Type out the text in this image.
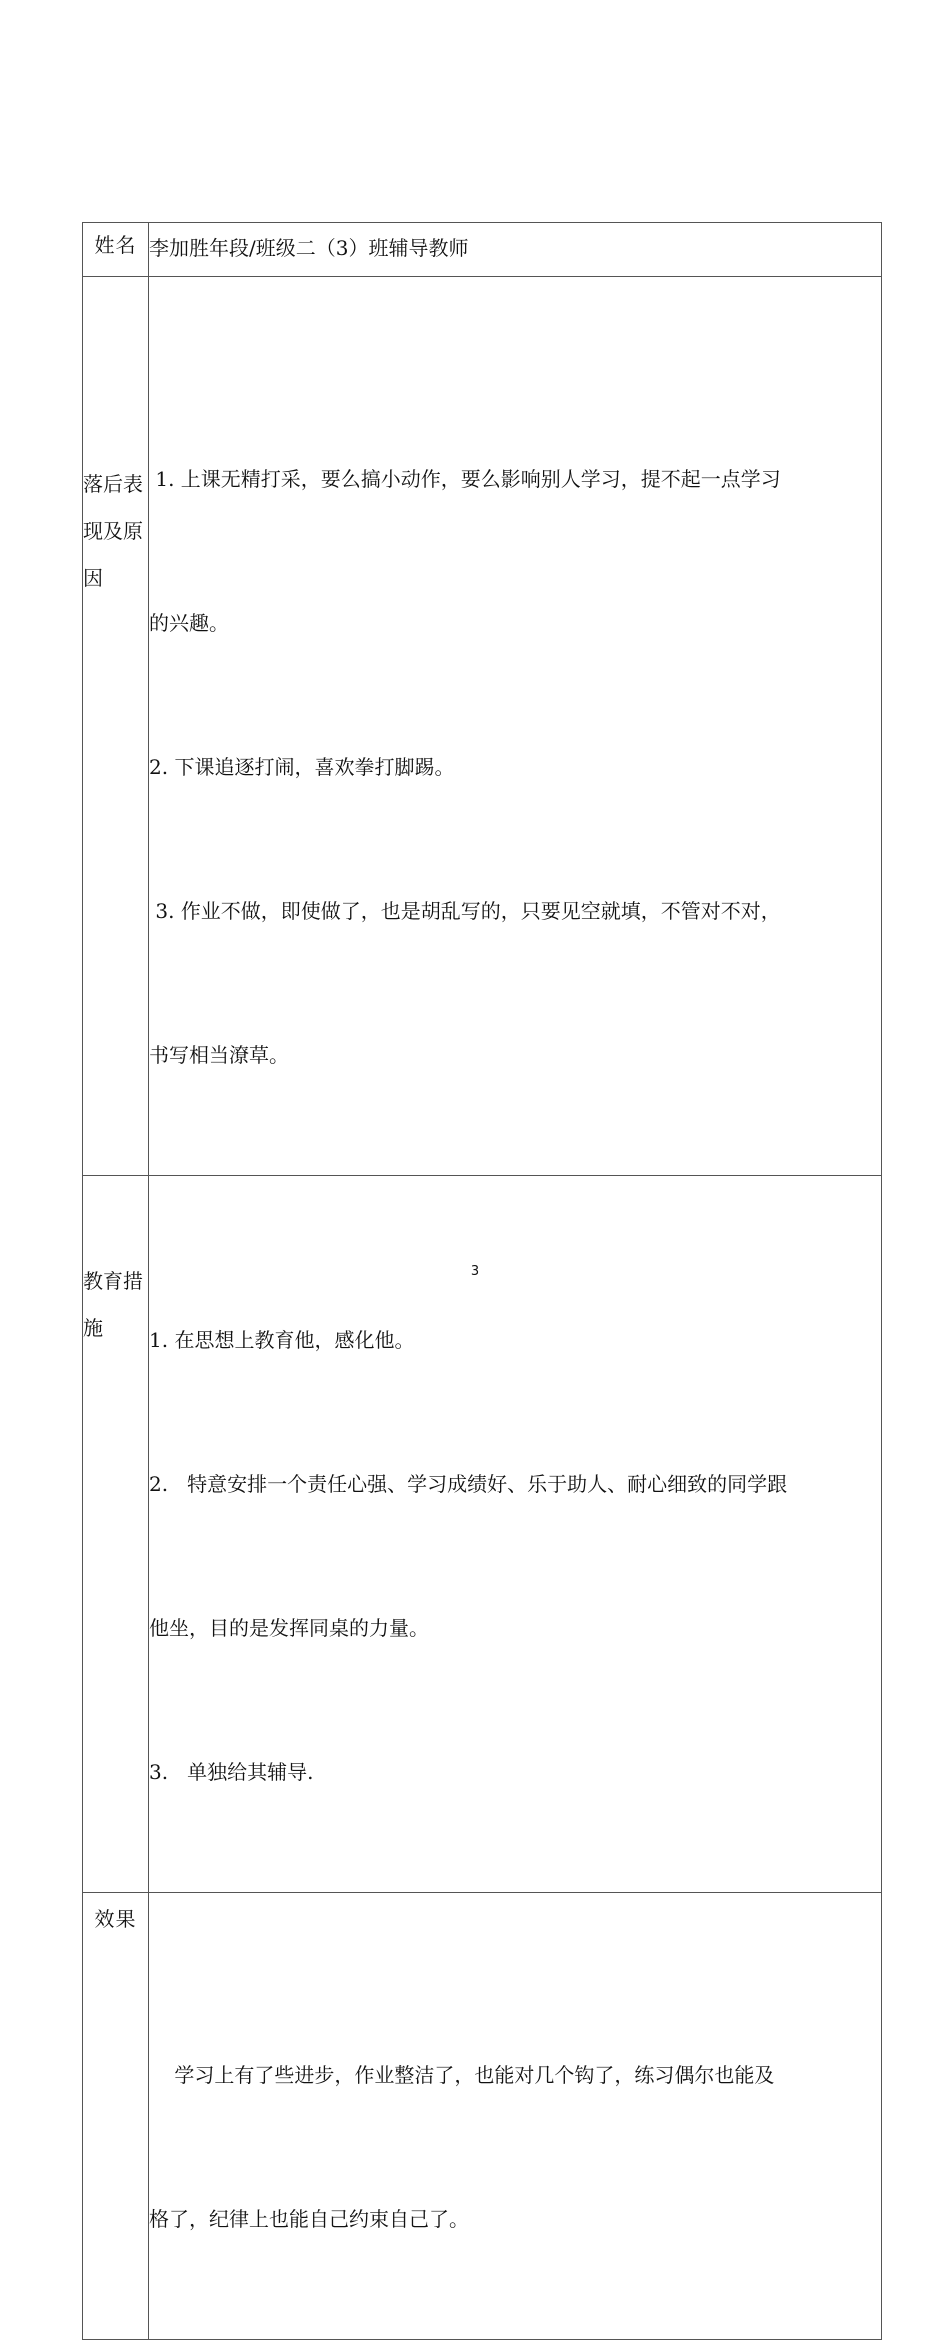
姓名	李加胜年段/班级二（3）班辅导教师
落后表现及原因	1. 上课无精打采，要么搞小动作，要么影响别人学习，提不起一点学习

的兴趣。

2. 下课追逐打闹，喜欢拳打脚踢。

3. 作业不做，即使做了，也是胡乱写的，只要见空就填，不管对不对，

书写相当潦草。

教育措施	1. 在思想上教育他，感化他。

2.   特意安排一个责任心强、学习成绩好、乐于助人、耐心细致的同学跟

他坐，目的是发挥同桌的力量。

3.   单独给其辅导.

效果	学习上有了些进步，作业整洁了，也能对几个钩了，练习偶尔也能及

格了，纪律上也能自己约束自己了。

3
